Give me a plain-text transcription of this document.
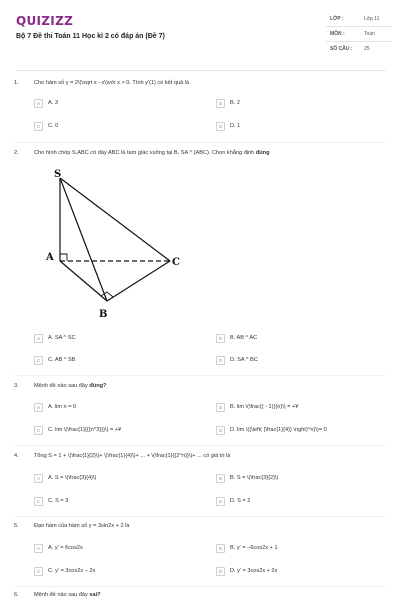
QUIZIZZ
Bộ 7 Đề thi Toán 11 Học kì 2 có đáp án (Đề 7)
LỚP :	Lớp 11
MÔN :	Toán
SỐ CÂU : 25
1.	Cho hàm số y = 2\(\sqrt x - x\)với x > 0. Tính y'(1) có kết quả là
A	A. 3	B	B. 2
C	C. 0	D	D. 1
2.	Cho hình chóp S.ABC có đáy ABC là tam giác vuông tại B, SA ^ (ABC). Chọn khẳng định đúng
S
A
B
C
A	A. SA ^ SC	B	B. AB ^ AC
C	C. AB ^ SB	D	D. SA ^ BC
3.	Mệnh đề nào sau đây đúng?
A	A. lim n = 0	B	B. lim \(\frac{( - 1)}{n}\) = +¥
C	C. lim \(\frac{1}{{{n^3}}}\) = +¥	D	D. lim \({\left( {\frac{1}{4}} \right)^n}\)= 0
4.	Tổng S = 1 + \(\frac{1}{2}\)+ \(\frac{1}{4}\)+ ... + \(\frac{1}{{2^n}}\)+ ... có giá trị là
A	A. S = \(\frac{3}{4}\)	B	B. S = \(\frac{3}{2}\)
C	C. S = 3	D	D. S = 2
5.	Đạo hàm của hàm số y = 3sin2x + 2 là
A	A. y' = 6cos2x	B	B. y' = −6cos2x + 1
C	C. y' = 3cos2x − 2x	D	D. y' = 3cos2x + 2x
6.	Mệnh đề nào sau đây sai?
